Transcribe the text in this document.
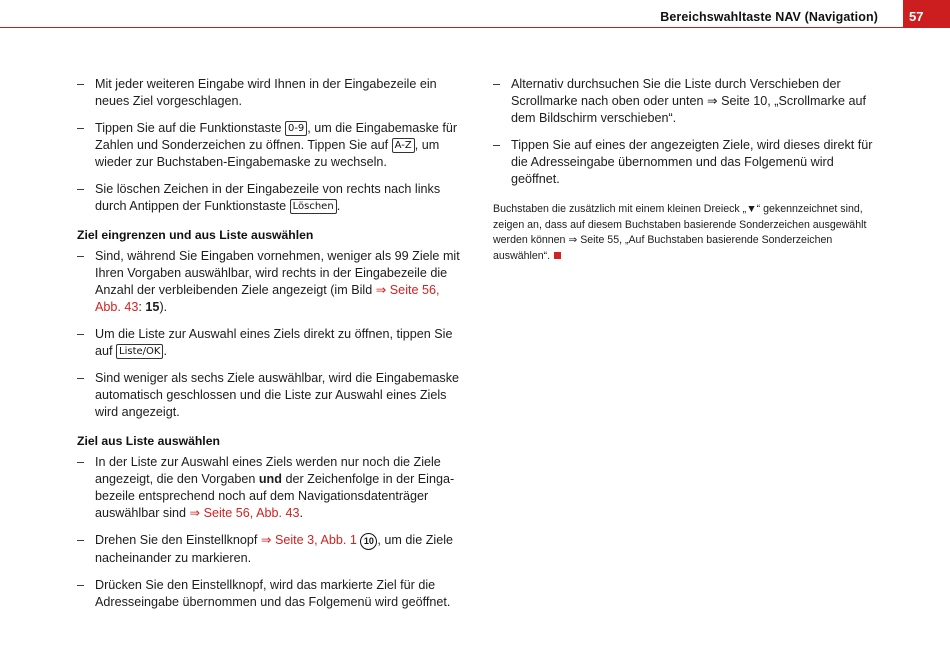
Bereichswahltaste NAV (Navigation)	57
– Mit jeder weiteren Eingabe wird Ihnen in der Eingabezeile ein neues Ziel vorgeschlagen.
– Tippen Sie auf die Funktionstaste 0-9 , um die Eingabemaske für Zahlen und Sonderzeichen zu öffnen. Tippen Sie auf A-Z , um wieder zur Buchstaben-Eingabemaske zu wechseln.
– Sie löschen Zeichen in der Eingabezeile von rechts nach links durch Antippen der Funktionstaste Löschen .
Ziel eingrenzen und aus Liste auswählen
– Sind, während Sie Eingaben vornehmen, weniger als 99 Ziele mit Ihren Vorgaben auswählbar, wird rechts in der Eingabezeile die Anzahl der verbleibenden Ziele angezeigt (im Bild ⇒ Seite 56, Abb. 43: 15).
– Um die Liste zur Auswahl eines Ziels direkt zu öffnen, tippen Sie auf Liste/OK .
– Sind weniger als sechs Ziele auswählbar, wird die Eingabemaske automatisch geschlossen und die Liste zur Auswahl eines Ziels wird angezeigt.
Ziel aus Liste auswählen
– In der Liste zur Auswahl eines Ziels werden nur noch die Ziele angezeigt, die den Vorgaben und der Zeichenfolge in der Eingabezeile entsprechend noch auf dem Navigationsdatenträger auswählbar sind ⇒ Seite 56, Abb. 43.
– Drehen Sie den Einstellknopf ⇒ Seite 3, Abb. 1 10 , um die Ziele nacheinander zu markieren.
– Drücken Sie den Einstellknopf, wird das markierte Ziel für die Adresseingabe übernommen und das Folgemenü wird geöffnet.
– Alternativ durchsuchen Sie die Liste durch Verschieben der Scrollmarke nach oben oder unten ⇒ Seite 10, „Scrollmarke auf dem Bildschirm verschieben“.
– Tippen Sie auf eines der angezeigten Ziele, wird dieses direkt für die Adresseingabe übernommen und das Folgemenü wird geöffnet.
Buchstaben die zusätzlich mit einem kleinen Dreieck „▼“ gekennzeichnet sind, zeigen an, dass auf diesem Buchstaben basierende Sonderzeichen ausgewählt werden können ⇒ Seite 55, „Auf Buchstaben basierende Sonderzeichen auswählen“.
